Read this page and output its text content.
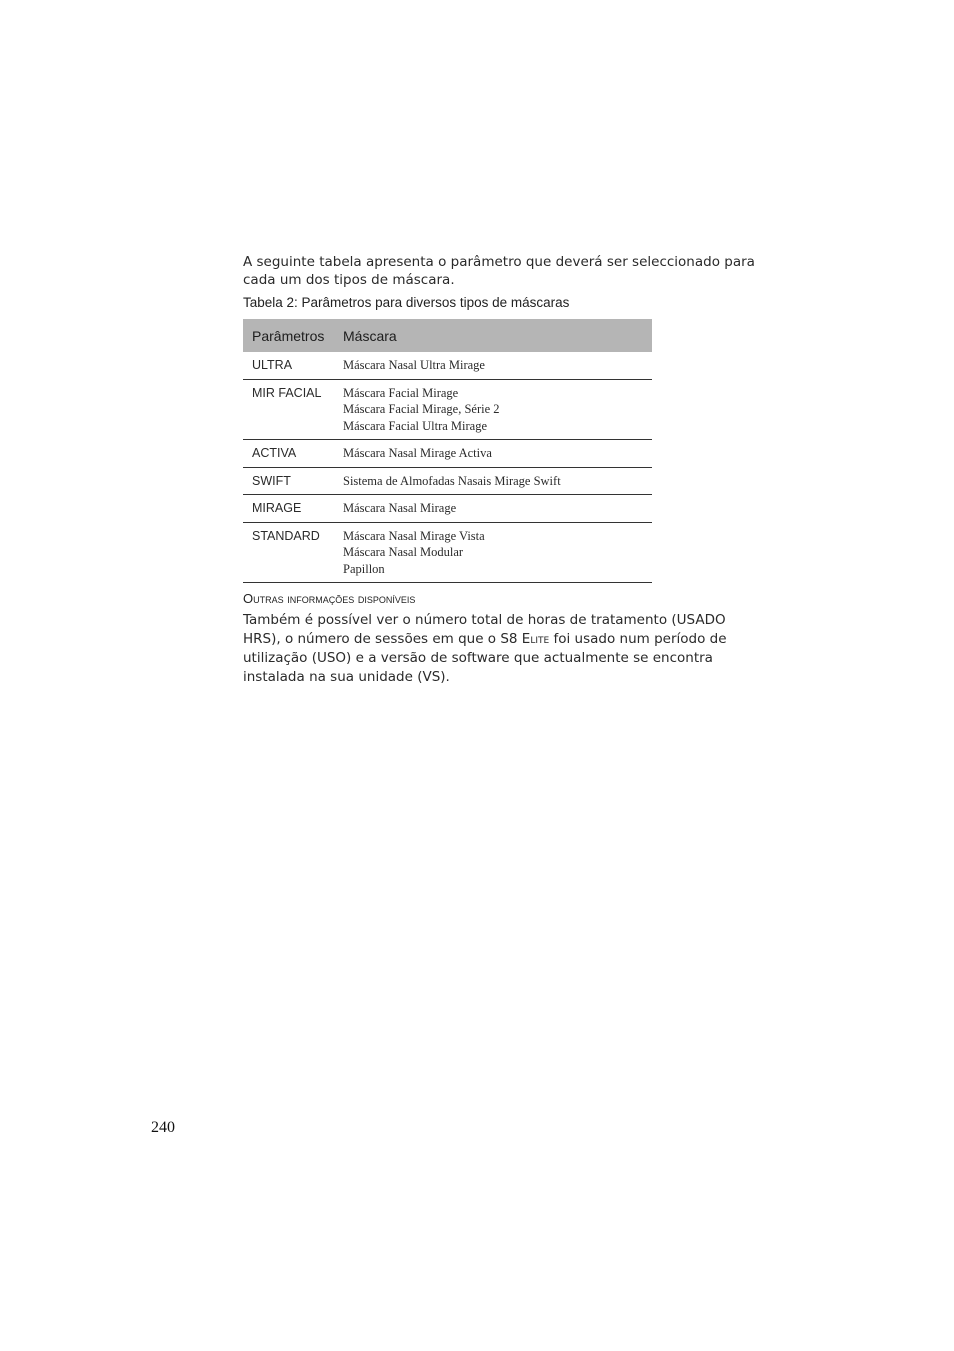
A seguinte tabela apresenta o parâmetro que deverá ser seleccionado para cada um dos tipos de máscara.

Tabela 2: Parâmetros para diversos tipos de máscaras

Parâmetros	Máscara
ULTRA	Máscara Nasal Ultra Mirage

MIR FACIAL	Máscara Facial Mirage
Máscara Facial Mirage, Série 2
Máscara Facial Ultra Mirage

ACTIVA	Máscara Nasal Mirage Activa

SWIFT	Sistema de Almofadas Nasais Mirage Swift

MIRAGE	Máscara Nasal Mirage

STANDARD	Máscara Nasal Mirage Vista
Máscara Nasal Modular
Papillon
Outras informações disponíveis

Também é possível ver o número total de horas de tratamento (USADO HRS), o número de sessões em que o S8 Elite foi usado num período de utilização (USO) e a versão de software que actualmente se encontra instalada na sua unidade (VS).

240
